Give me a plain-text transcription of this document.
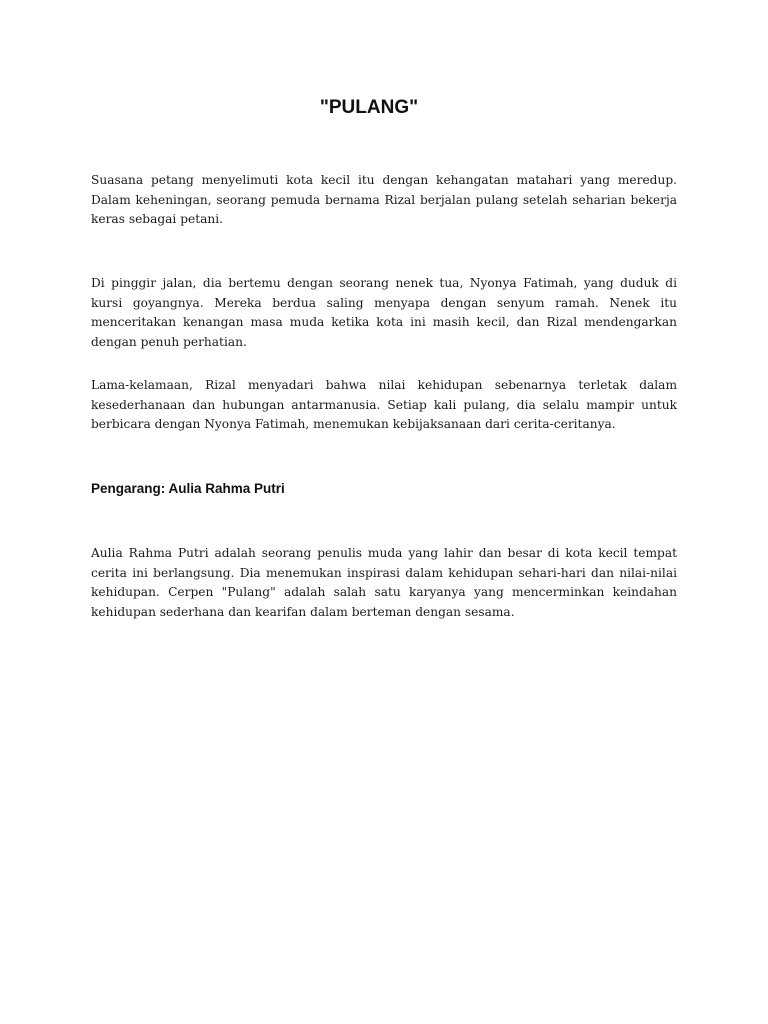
"PULANG"

Suasana petang menyelimuti kota kecil itu dengan kehangatan matahari yang meredup. Dalam keheningan, seorang pemuda bernama Rizal berjalan pulang setelah seharian bekerja keras sebagai petani.

Di pinggir jalan, dia bertemu dengan seorang nenek tua, Nyonya Fatimah, yang duduk di kursi goyangnya. Mereka berdua saling menyapa dengan senyum ramah. Nenek itu menceritakan kenangan masa muda ketika kota ini masih kecil, dan Rizal mendengarkan dengan penuh perhatian.

Lama-kelamaan, Rizal menyadari bahwa nilai kehidupan sebenarnya terletak dalam kesederhanaan dan hubungan antarmanusia. Setiap kali pulang, dia selalu mampir untuk berbicara dengan Nyonya Fatimah, menemukan kebijaksanaan dari cerita-ceritanya.

Pengarang: Aulia Rahma Putri

Aulia Rahma Putri adalah seorang penulis muda yang lahir dan besar di kota kecil tempat cerita ini berlangsung. Dia menemukan inspirasi dalam kehidupan sehari-hari dan nilai-nilai kehidupan. Cerpen "Pulang" adalah salah satu karyanya yang mencerminkan keindahan kehidupan sederhana dan kearifan dalam berteman dengan sesama.
